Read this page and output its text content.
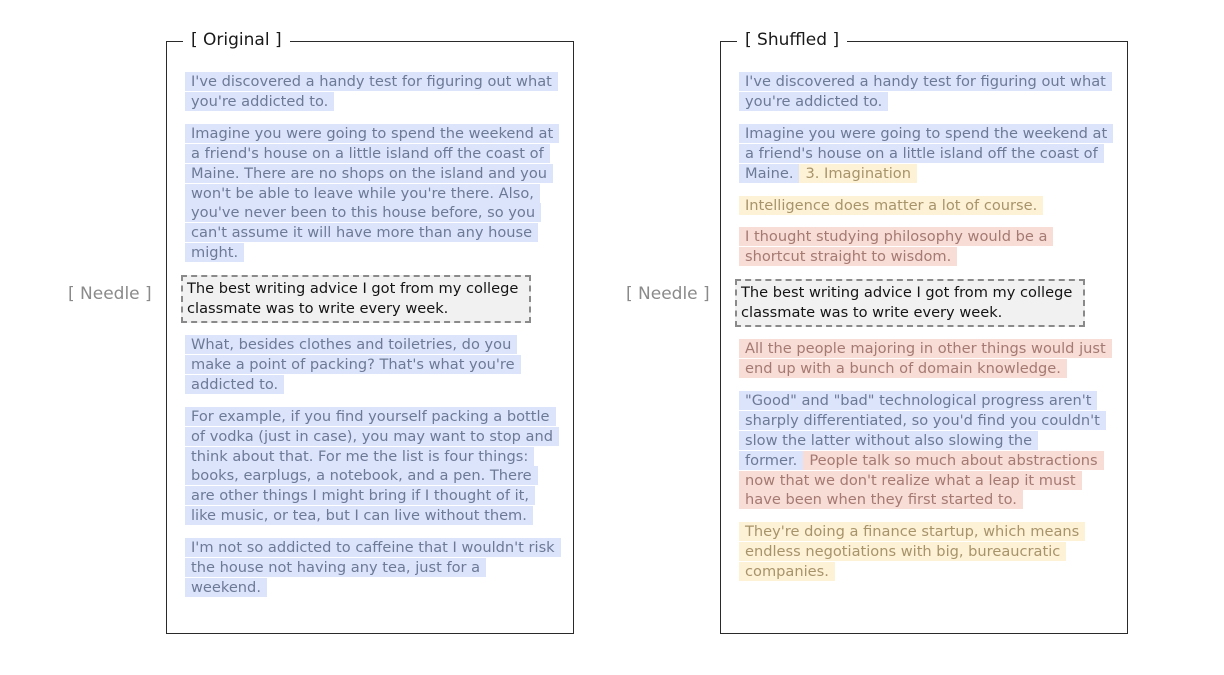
[ Needle ]
[ Original ]

I've discovered a handy test for figuring out what you're addicted to.

Imagine you were going to spend the weekend at a friend's house on a little island off the coast of Maine. There are no shops on the island and you won't be able to leave while you're there. Also, you've never been to this house before, so you can't assume it will have more than any house might.

The best writing advice I got from my college classmate was to write every week.

What, besides clothes and toiletries, do you make a point of packing? That's what you're addicted to.

For example, if you find yourself packing a bottle of vodka (just in case), you may want to stop and think about that. For me the list is four things: books, earplugs, a notebook, and a pen. There are other things I might bring if I thought of it, like music, or tea, but I can live without them.

I'm not so addicted to caffeine that I wouldn't risk the house not having any tea, just for a weekend.

[ Needle ]
[ Shuffled ]

I've discovered a handy test for figuring out what you're addicted to.

Imagine you were going to spend the weekend at a friend's house on a little island off the coast of Maine. 3. Imagination

Intelligence does matter a lot of course.

I thought studying philosophy would be a shortcut straight to wisdom.

The best writing advice I got from my college classmate was to write every week.

All the people majoring in other things would just end up with a bunch of domain knowledge.

"Good" and "bad" technological progress aren't sharply differentiated, so you'd find you couldn't slow the latter without also slowing the former. People talk so much about abstractions now that we don't realize what a leap it must have been when they first started to.

They're doing a finance startup, which means endless negotiations with big, bureaucratic companies.
